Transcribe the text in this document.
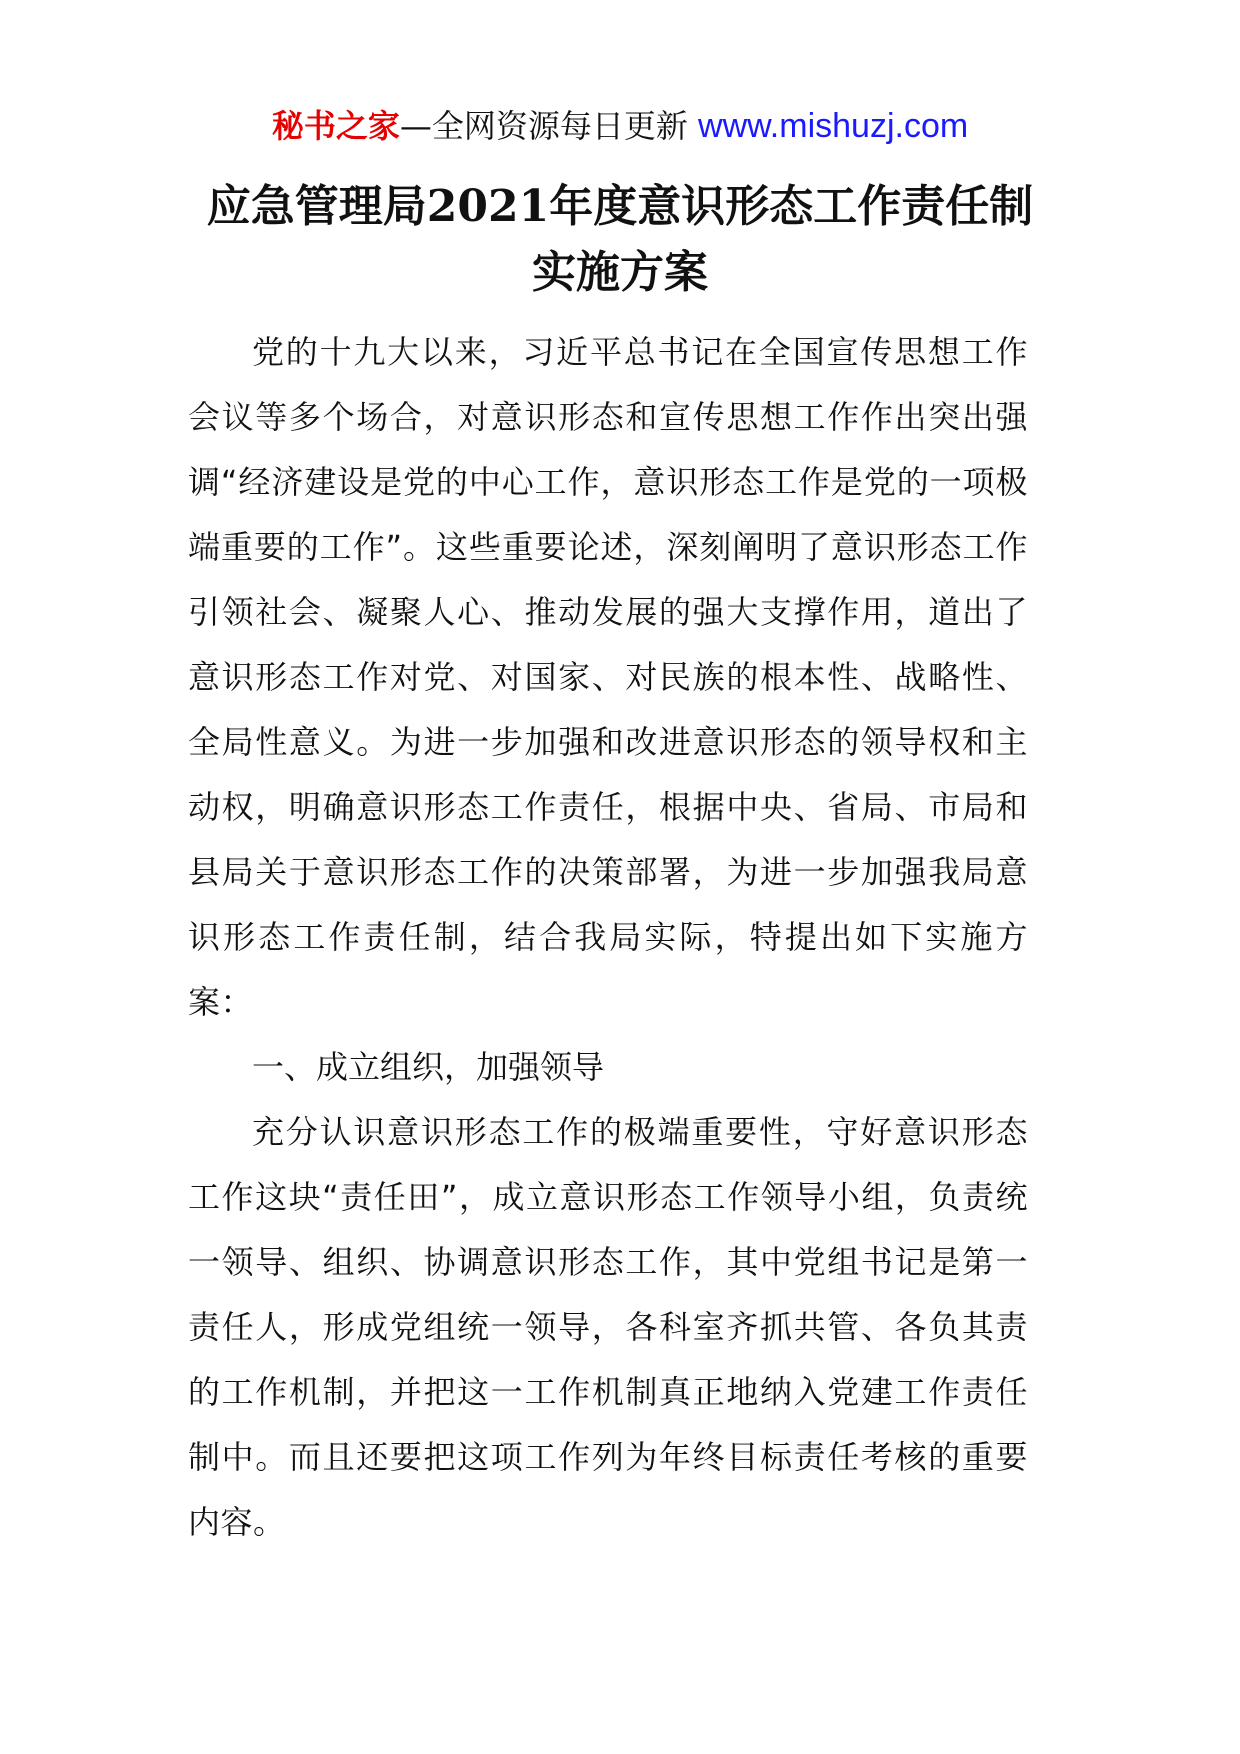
秘书之家—全网资源每日更新 www.mishuzj.com
应急管理局2021年度意识形态工作责任制
实施方案

党的十九大以来，习近平总书记在全国宣传思想工作会议等多个场合，对意识形态和宣传思想工作作出突出强调“经济建设是党的中心工作，意识形态工作是党的一项极端重要的工作”。这些重要论述，深刻阐明了意识形态工作引领社会、凝聚人心、推动发展的强大支撑作用，道出了意识形态工作对党、对国家、对民族的根本性、战略性、全局性意义。为进一步加强和改进意识形态的领导权和主动权，明确意识形态工作责任，根据中央、省局、市局和县局关于意识形态工作的决策部署，为进一步加强我局意识形态工作责任制，结合我局实际，特提出如下实施方案：

一、成立组织，加强领导

充分认识意识形态工作的极端重要性，守好意识形态工作这块“责任田”，成立意识形态工作领导小组，负责统一领导、组织、协调意识形态工作，其中党组书记是第一责任人，形成党组统一领导，各科室齐抓共管、各负其责的工作机制，并把这一工作机制真正地纳入党建工作责任制中。而且还要把这项工作列为年终目标责任考核的重要内容。
